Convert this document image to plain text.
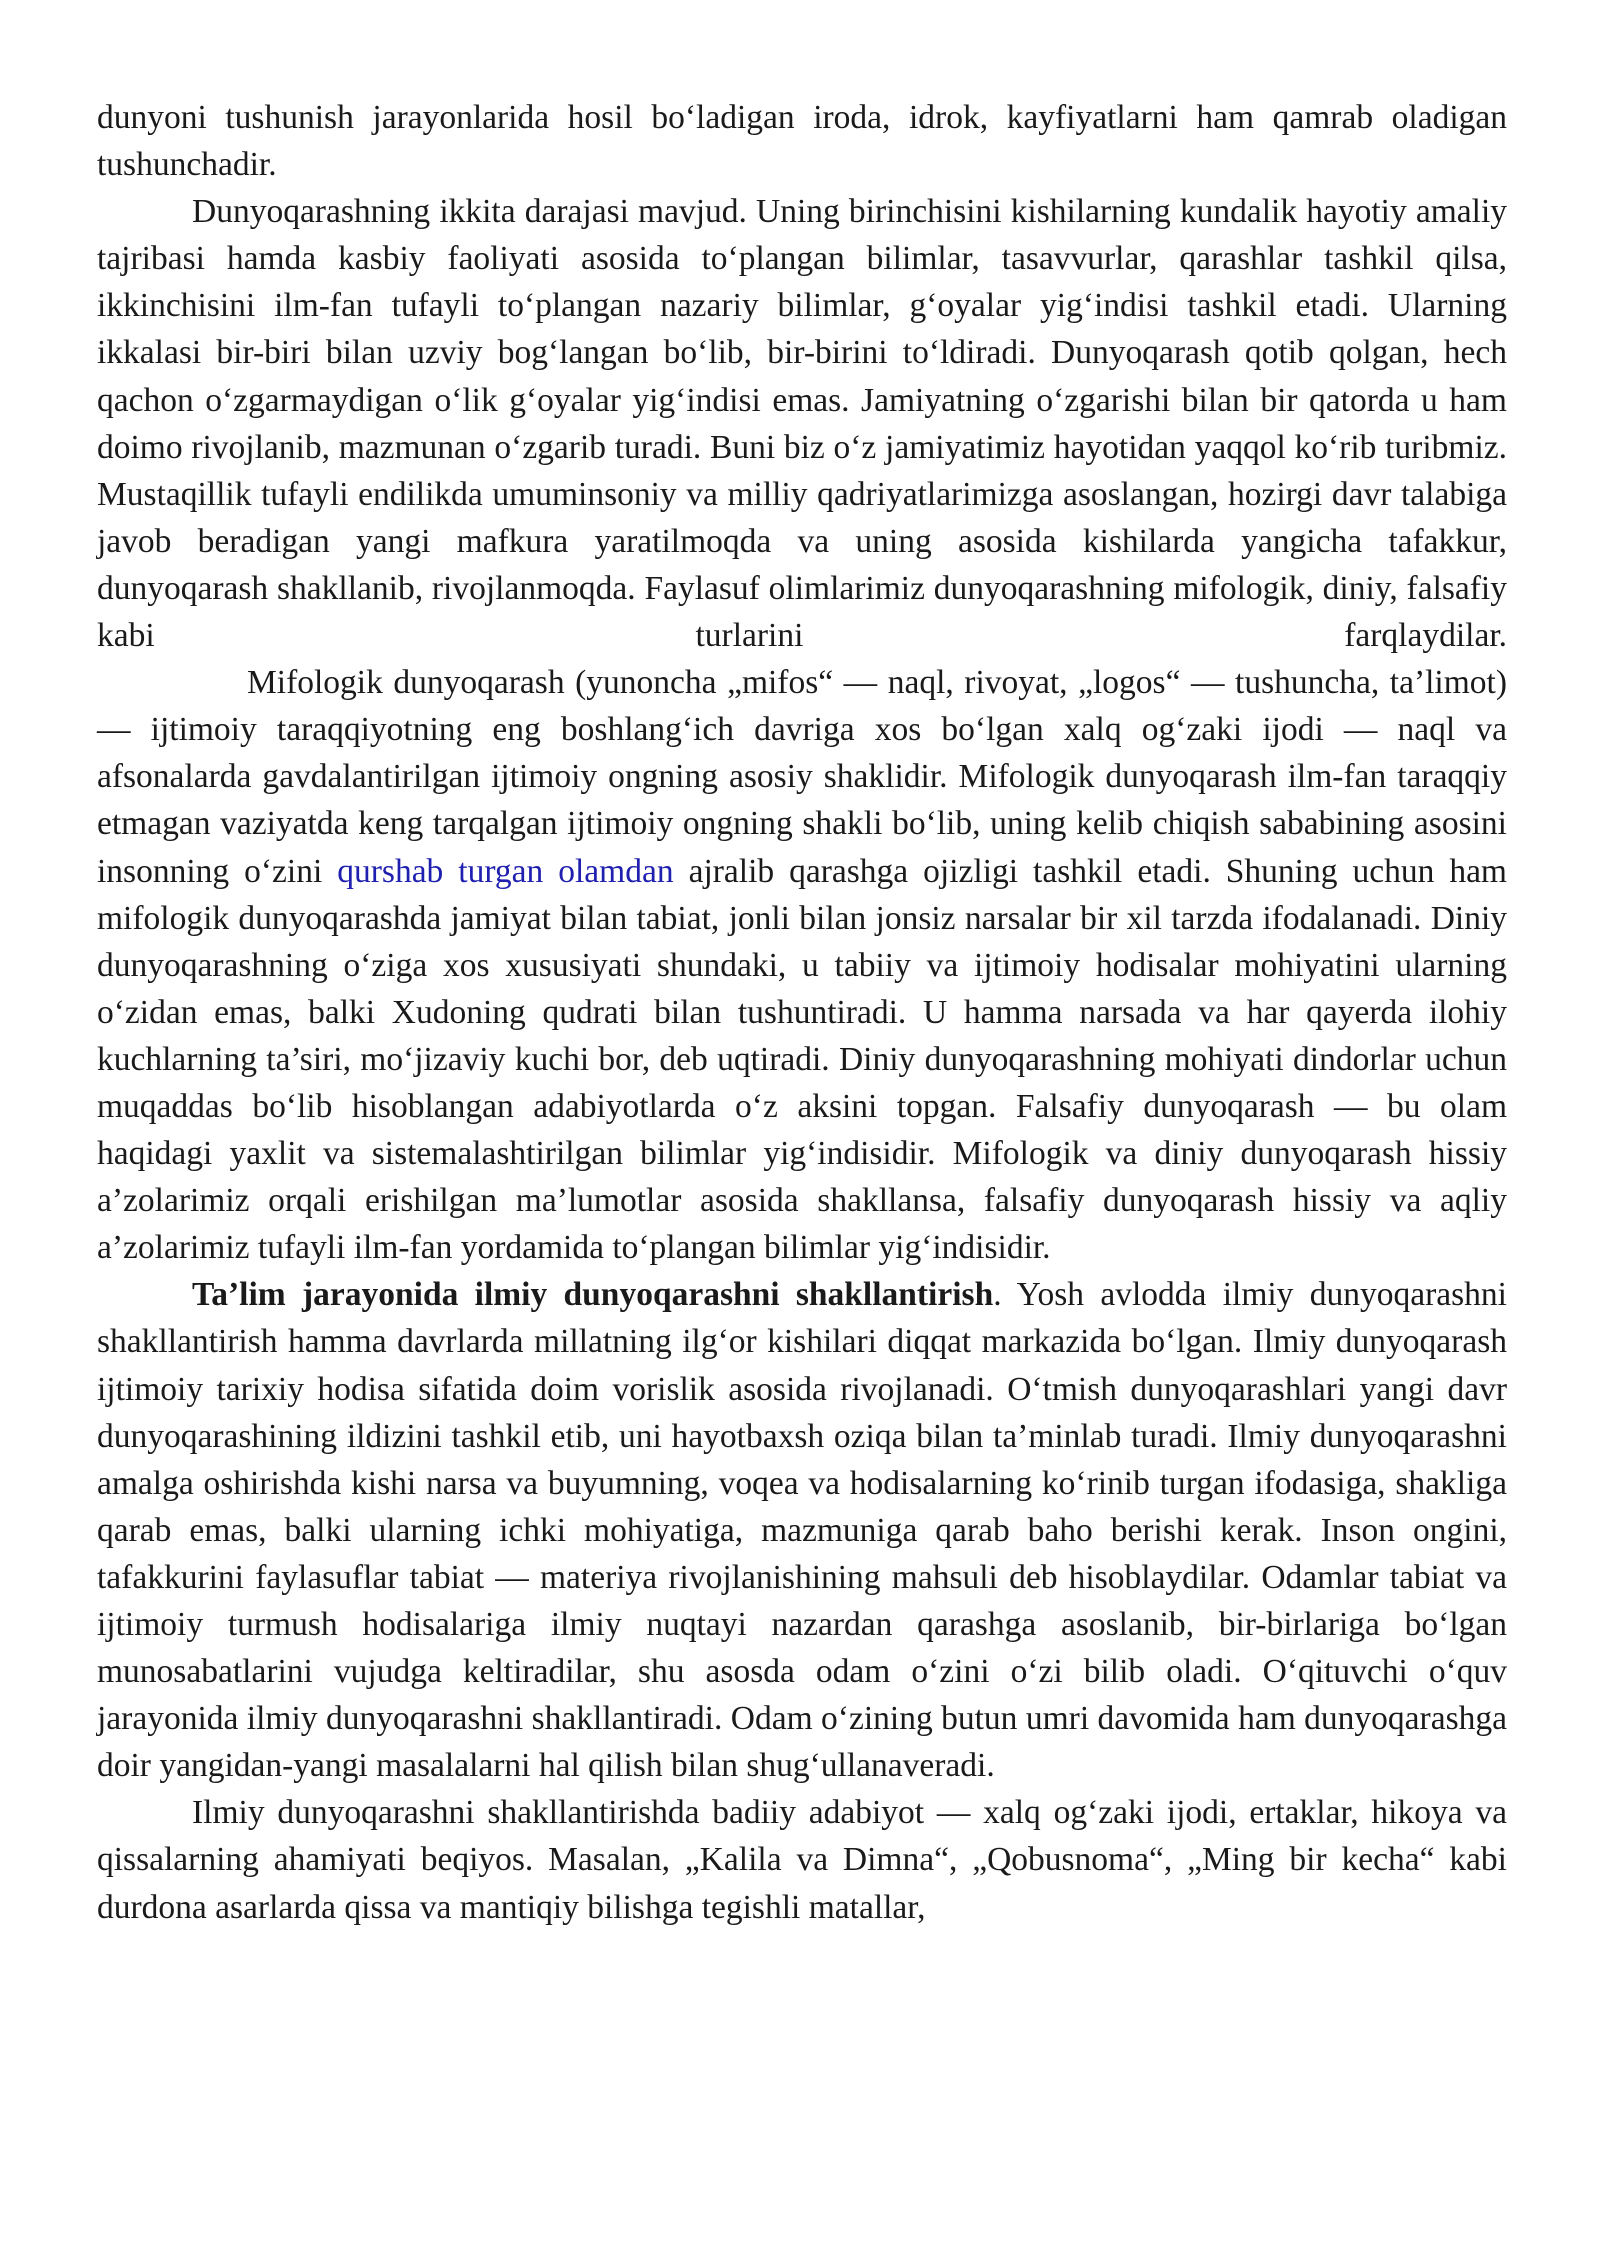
dunyoni tushunish jarayonlarida hosil bo‘ladigan iroda, idrok, kayfiyatlarni ham qamrab oladigan tushunchadir.

Dunyoqarashning ikkita darajasi mavjud. Uning birinchisini kishilarning kundalik hayotiy amaliy tajribasi hamda kasbiy faoliyati asosida to‘plangan bilimlar, tasavvurlar, qarashlar tashkil qilsa, ikkinchisini ilm-fan tufayli to‘plangan nazariy bilimlar, g‘oyalar yig‘indisi tashkil etadi. Ularning ikkalasi bir-biri bilan uzviy bog‘langan bo‘lib, bir-birini to‘ldiradi. Dunyoqarash qotib qolgan, hech qachon o‘zgarmaydigan o‘lik g‘oyalar yig‘indisi emas. Jamiyatning o‘zgarishi bilan bir qatorda u ham doimo rivojlanib, mazmunan o‘zgarib turadi. Buni biz o‘z jamiyatimiz hayotidan yaqqol ko‘rib turibmiz. Mustaqillik tufayli endilikda umuminsoniy va milliy qadriyatlarimizga asoslangan, hozirgi davr talabiga javob beradigan yangi mafkura yaratilmoqda va uning asosida kishilarda yangicha tafakkur, dunyoqarash shakllanib, rivojlanmoqda. Faylasuf olimlarimiz dunyoqarashning mifologik, diniy, falsafiy kabi turlarini farqlaydilar.

Mifologik dunyoqarash (yunoncha „mifos“ — naql, rivoyat, „logos“ — tushuncha, ta’limot) — ijtimoiy taraqqiyotning eng boshlang‘ich davriga xos bo‘lgan xalq og‘zaki ijodi — naql va afsonalarda gavdalantirilgan ijtimoiy ongning asosiy shaklidir. Mifologik dunyoqarash ilm-fan taraqqiy etmagan vaziyatda keng tarqalgan ijtimoiy ongning shakli bo‘lib, uning kelib chiqish sababining asosini insonning o‘zini qurshab turgan olamdan ajralib qarashga ojizligi tashkil etadi. Shuning uchun ham mifologik dunyoqarashda jamiyat bilan tabiat, jonli bilan jonsiz narsalar bir xil tarzda ifodalanadi. Diniy dunyoqarashning o‘ziga xos xususiyati shundaki, u tabiiy va ijtimoiy hodisalar mohiyatini ularning o‘zidan emas, balki Xudoning qudrati bilan tushuntiradi. U hamma narsada va har qayerda ilohiy kuchlarning ta’siri, mo‘jizaviy kuchi bor, deb uqtiradi. Diniy dunyoqarashning mohiyati dindorlar uchun muqaddas bo‘lib hisoblangan adabiyotlarda o‘z aksini topgan. Falsafiy dunyoqarash — bu olam haqidagi yaxlit va sistemalashtirilgan bilimlar yig‘indisidir. Mifologik va diniy dunyoqarash hissiy a’zolarimiz orqali erishilgan ma’lumotlar asosida shakllansa, falsafiy dunyoqarash hissiy va aqliy a’zolarimiz tufayli ilm-fan yordamida to‘plangan bilimlar yig‘indisidir.

Ta’lim jarayonida ilmiy dunyoqarashni shakllantirish. Yosh avlodda ilmiy dunyoqarashni shakllantirish hamma davrlarda millatning ilg‘or kishilari diqqat markazida bo‘lgan. Ilmiy dunyoqarash ijtimoiy tarixiy hodisa sifatida doim vorislik asosida rivojlanadi. O‘tmish dunyoqarashlari yangi davr dunyoqarashining ildizini tashkil etib, uni hayotbaxsh oziqa bilan ta’minlab turadi. Ilmiy dunyoqarashni amalga oshirishda kishi narsa va buyumning, voqea va hodisalarning ko‘rinib turgan ifodasiga, shakliga qarab emas, balki ularning ichki mohiyatiga, mazmuniga qarab baho berishi kerak. Inson ongini, tafakkurini faylasuflar tabiat — materiya rivojlanishining mahsuli deb hisoblaydilar. Odamlar tabiat va ijtimoiy turmush hodisalariga ilmiy nuqtayi nazardan qarashga asoslanib, bir-birlariga bo‘lgan munosabatlarini vujudga keltiradilar, shu asosda odam o‘zini o‘zi bilib oladi. O‘qituvchi o‘quv jarayonida ilmiy dunyoqarashni shakllantiradi. Odam o‘zining butun umri davomida ham dunyoqarashga doir yangidan-yangi masalalarni hal qilish bilan shug‘ullanaveradi.

Ilmiy dunyoqarashni shakllantirishda badiiy adabiyot — xalq og‘zaki ijodi, ertaklar, hikoya va qissalarning ahamiyati beqiyos. Masalan, „Kalila va Dimna“, „Qobusnoma“, „Ming bir kecha“ kabi durdona asarlarda qissa va mantiqiy bilishga tegishli matallar,
